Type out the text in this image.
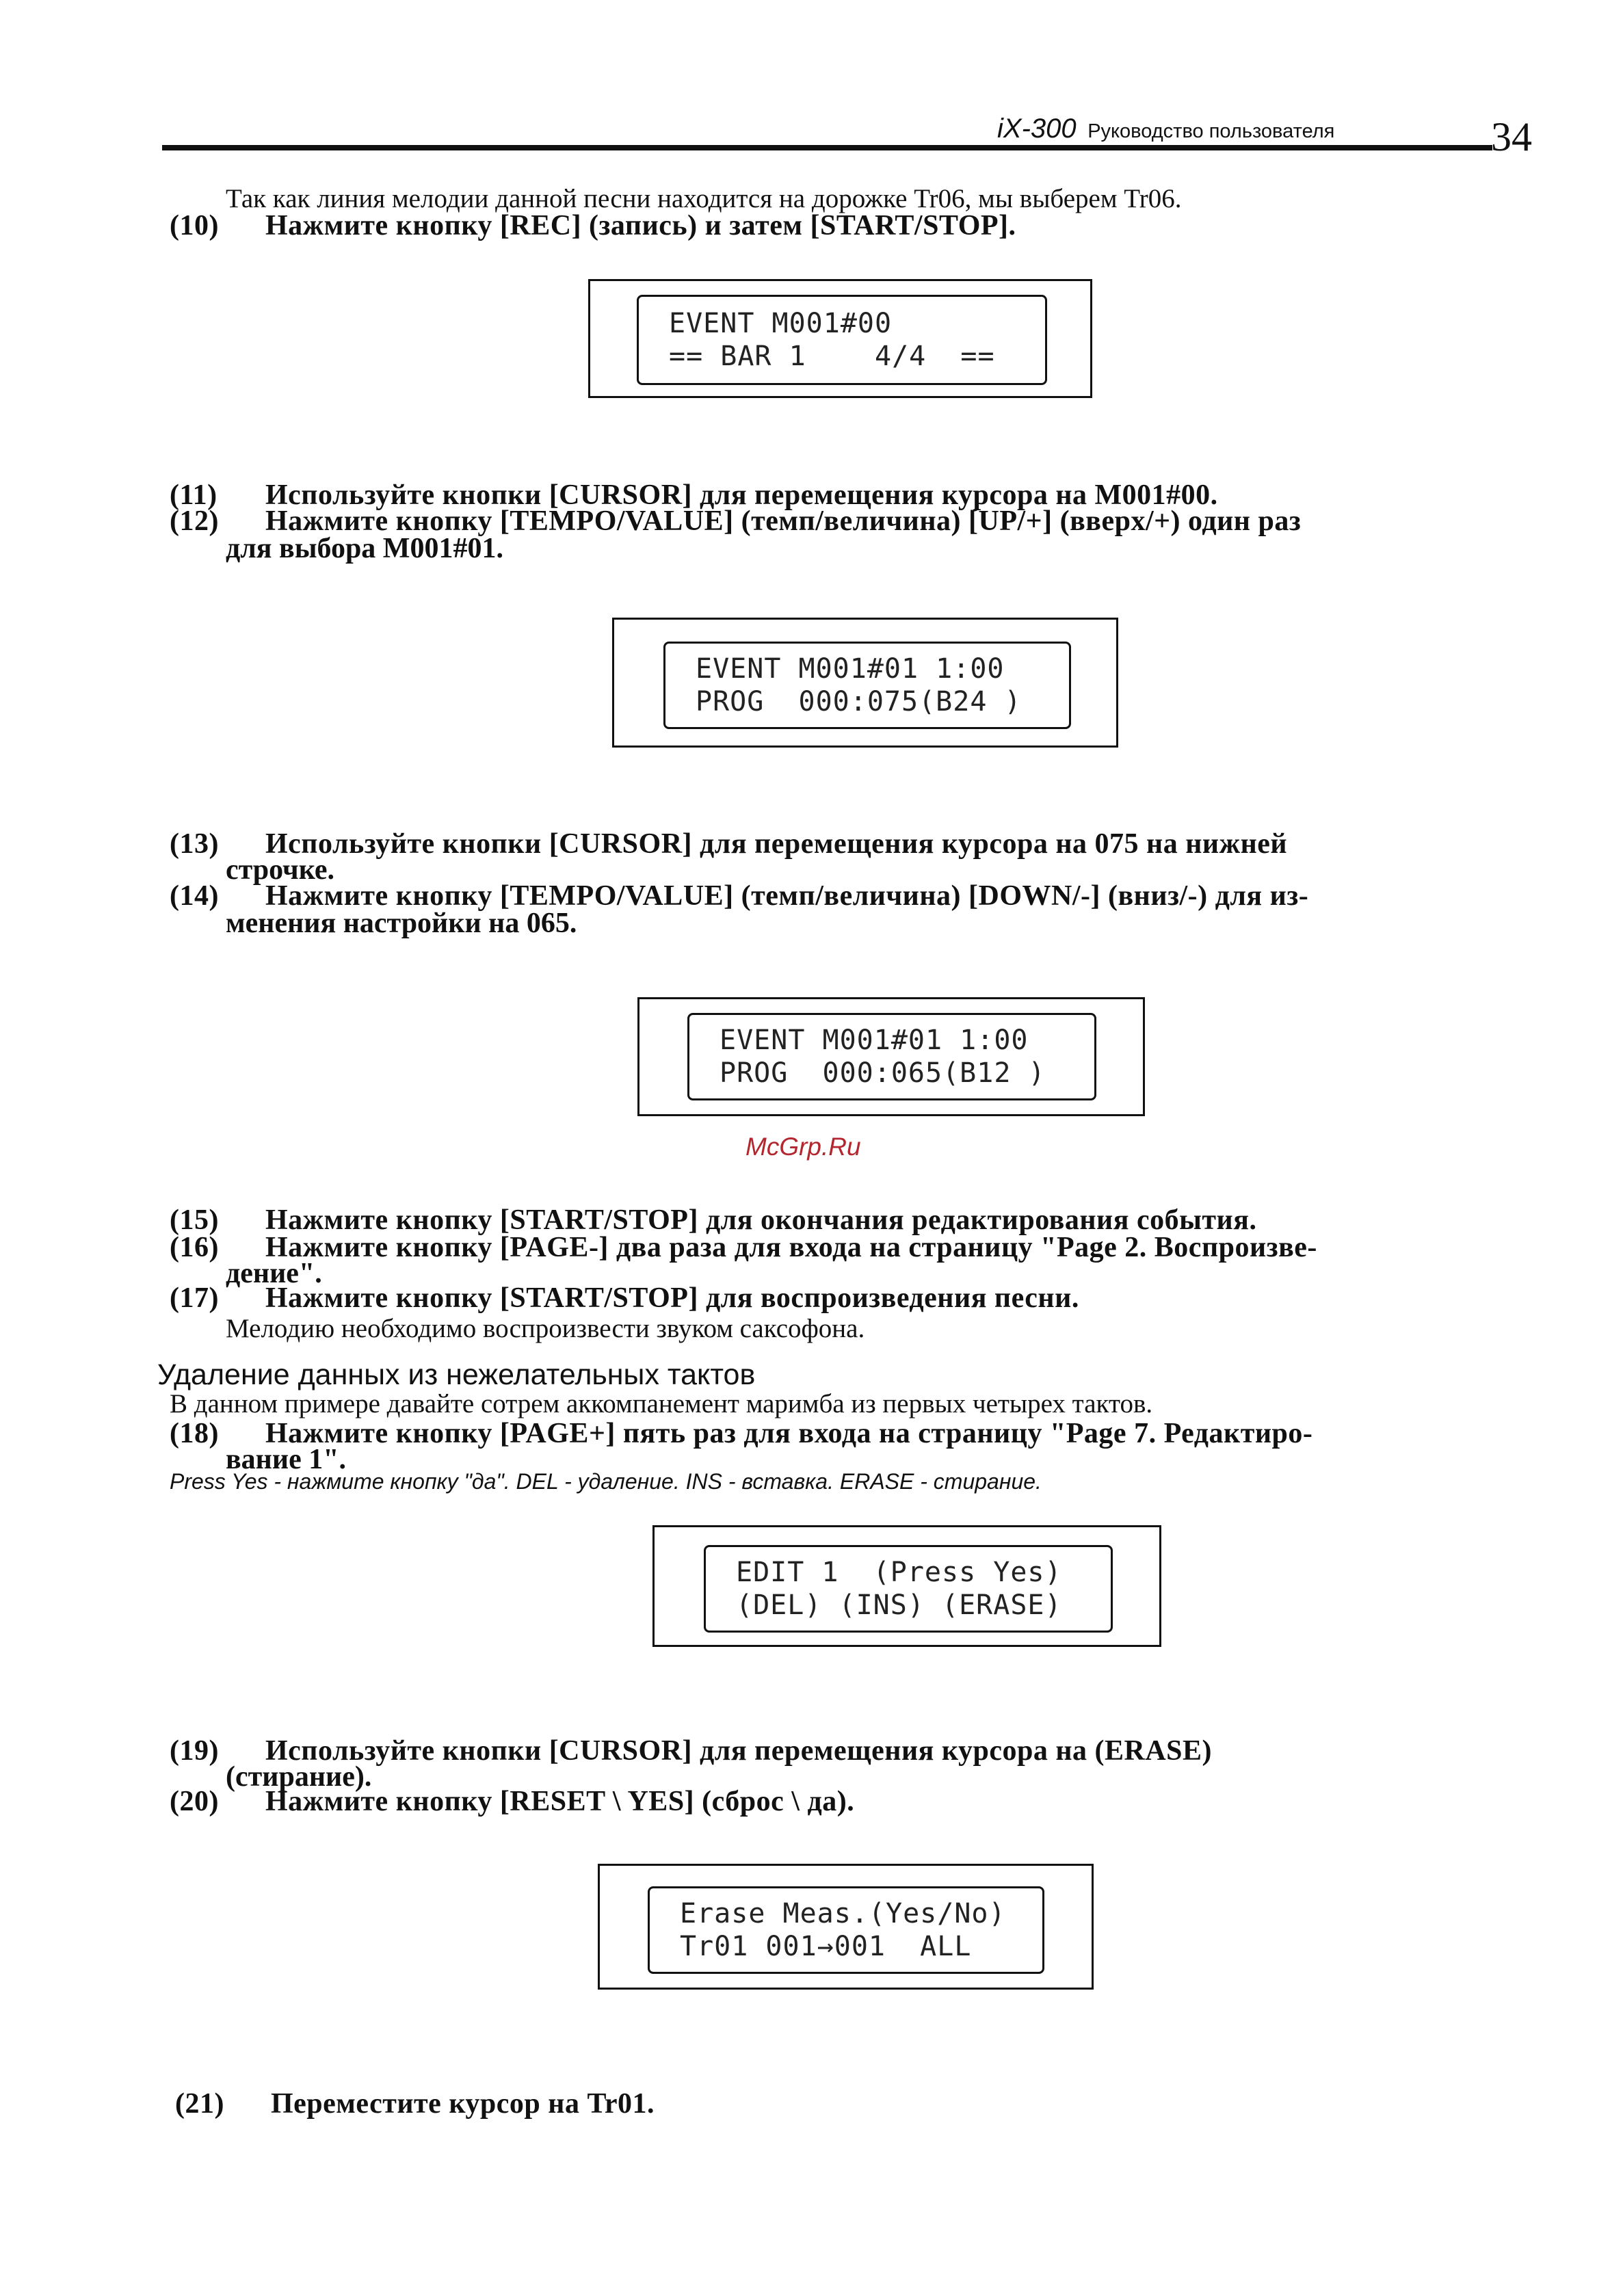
iX-300 Руководство пользователя	34
Так как линия мелодии данной песни находится на дорожке Tr06, мы выберем Tr06.
(10) Нажмите кнопку [REC] (запись) и затем [START/STOP].
EVENT M001#00
== BAR 1    4/4  ==
(11) Используйте кнопки [CURSOR] для перемещения курсора на M001#00.
(12) Нажмите кнопку [TEMPO/VALUE] (темп/величина) [UP/+] (вверх/+) один раз
для выбора M001#01.
EVENT M001#01 1:00
PROG  000:075(B24 )
(13) Используйте кнопки [CURSOR] для перемещения курсора на 075 на нижней
строчке.
(14) Нажмите кнопку [TEMPO/VALUE] (темп/величина) [DOWN/-] (вниз/-) для из-
менения настройки на 065.
EVENT M001#01 1:00
PROG  000:065(B12 )
McGrp.Ru
(15) Нажмите кнопку [START/STOP] для окончания редактирования события.
(16) Нажмите кнопку [PAGE-] два раза для входа на страницу "Page 2. Воспроизве-
дение".
(17) Нажмите кнопку [START/STOP] для воспроизведения песни.
Мелодию необходимо воспроизвести звуком саксофона.
Удаление данных из нежелательных тактов
В данном примере давайте сотрем аккомпанемент маримба из первых четырех тактов.
(18) Нажмите кнопку [PAGE+] пять раз для входа на страницу "Page 7. Редактиро-
вание 1".
Press Yes - нажмите кнопку "да". DEL - удаление. INS - вставка. ERASE - стирание.
EDIT 1  (Press Yes)
(DEL) (INS) (ERASE)
(19) Используйте кнопки [CURSOR] для перемещения курсора на (ERASE)
(стирание).
(20) Нажмите кнопку [RESET \ YES] (сброс \ да).
Erase Meas.(Yes/No)
Tr01 001→001  ALL
(21) Переместите курсор на Tr01.
